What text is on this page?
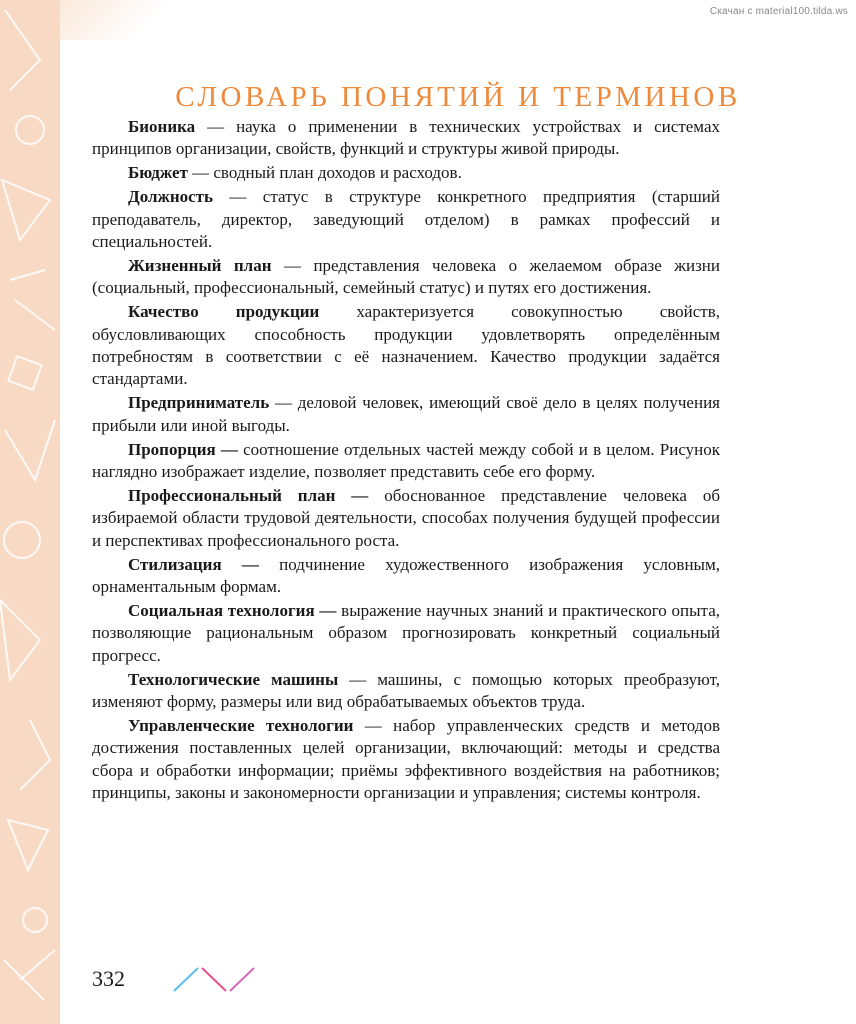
Скачан с material100.tilda.ws
СЛОВАРЬ ПОНЯТИЙ И ТЕРМИНОВ

Бионика — наука о применении в технических устройствах и системах принципов организации, свойств, функций и структуры живой природы.

Бюджет — сводный план доходов и расходов.

Должность — статус в структуре конкретного предприятия (старший преподаватель, директор, заведующий отделом) в рамках профессий и специальностей.

Жизненный план — представления человека о желаемом образе жизни (социальный, профессиональный, семейный статус) и путях его достижения.

Качество продукции характеризуется совокупностью свойств, обусловливающих способность продукции удовлетворять определённым потребностям в соответствии с её назначением. Качество продукции задаётся стандартами.

Предприниматель — деловой человек, имеющий своё дело в целях получения прибыли или иной выгоды.

Пропорция — соотношение отдельных частей между собой и в целом. Рисунок наглядно изображает изделие, позволяет представить себе его форму.

Профессиональный план — обоснованное представление человека об избираемой области трудовой деятельности, способах получения будущей профессии и перспективах профессионального роста.

Стилизация — подчинение художественного изображения условным, орнаментальным формам.

Социальная технология — выражение научных знаний и практического опыта, позволяющие рациональным образом прогнозировать конкретный социальный прогресс.

Технологические машины — машины, с помощью которых преобразуют, изменяют форму, размеры или вид обрабатываемых объектов труда.

Управленческие технологии — набор управленческих средств и методов достижения поставленных целей организации, включающий: методы и средства сбора и обработки информации; приёмы эффективного воздействия на работников; принципы, законы и закономерности организации и управления; системы контроля.

332
